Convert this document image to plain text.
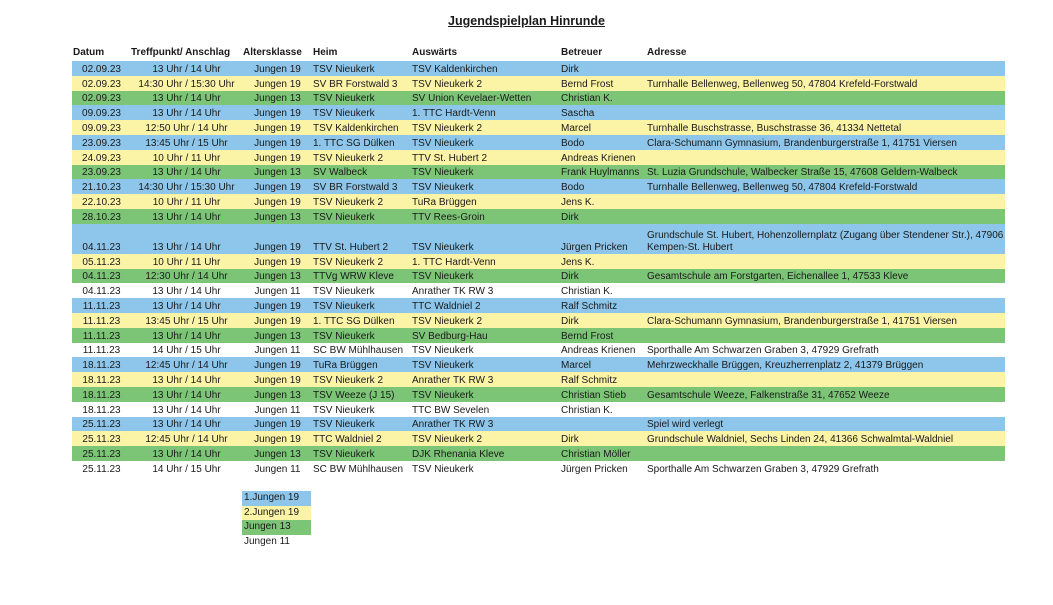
Jugendspielplan Hinrunde
Datum	Treffpunkt/ Anschlag	Altersklasse	Heim	Auswärts	Betreuer	Adresse
02.09.23	13 Uhr / 14 Uhr	Jungen 19	TSV Nieukerk	TSV Kaldenkirchen	Dirk	
02.09.23	14:30 Uhr / 15:30 Uhr	Jungen 19	SV BR Forstwald 3	TSV Nieukerk 2	Bernd Frost	Turnhalle Bellenweg, Bellenweg 50, 47804 Krefeld-Forstwald
02.09.23	13 Uhr / 14 Uhr	Jungen 13	TSV Nieukerk	SV Union Kevelaer-Wetten	Christian K.	
09.09.23	13 Uhr / 14 Uhr	Jungen 19	TSV Nieukerk	1. TTC Hardt-Venn	Sascha	
09.09.23	12:50 Uhr / 14 Uhr	Jungen 19	TSV Kaldenkirchen	TSV Nieukerk 2	Marcel	Turnhalle Buschstrasse, Buschstrasse 36, 41334 Nettetal
23.09.23	13:45 Uhr / 15 Uhr	Jungen 19	1. TTC SG Dülken	TSV Nieukerk	Bodo	Clara-Schumann Gymnasium, Brandenburgerstraße 1, 41751 Viersen
24.09.23	10 Uhr / 11 Uhr	Jungen 19	TSV Nieukerk 2	TTV St. Hubert 2	Andreas Krienen	
23.09.23	13 Uhr / 14 Uhr	Jungen 13	SV Walbeck	TSV Nieukerk	Frank Huylmanns	St. Luzia Grundschule, Walbecker Straße 15, 47608 Geldern-Walbeck
21.10.23	14:30 Uhr / 15:30 Uhr	Jungen 19	SV BR Forstwald 3	TSV Nieukerk	Bodo	Turnhalle Bellenweg, Bellenweg 50, 47804 Krefeld-Forstwald
22.10.23	10 Uhr / 11 Uhr	Jungen 19	TSV Nieukerk 2	TuRa Brüggen	Jens K.	
28.10.23	13 Uhr / 14 Uhr	Jungen 13	TSV Nieukerk	TTV Rees-Groin	Dirk	
04.11.23	13 Uhr / 14 Uhr	Jungen 19	TTV St. Hubert 2	TSV Nieukerk	Jürgen Pricken	Grundschule St. Hubert, Hohenzollernplatz (Zugang über Stendener Str.), 47906 Kempen-St. Hubert
05.11.23	10 Uhr / 11 Uhr	Jungen 19	TSV Nieukerk 2	1. TTC Hardt-Venn	Jens K.	
04.11.23	12:30 Uhr / 14 Uhr	Jungen 13	TTVg WRW Kleve	TSV Nieukerk	Dirk	Gesamtschule am Forstgarten, Eichenallee 1, 47533 Kleve
04.11.23	13 Uhr / 14 Uhr	Jungen 11	TSV Nieukerk	Anrather TK RW 3	Christian K.	
11.11.23	13 Uhr / 14 Uhr	Jungen 19	TSV Nieukerk	TTC Waldniel 2	Ralf Schmitz	
11.11.23	13:45 Uhr / 15 Uhr	Jungen 19	1. TTC SG Dülken	TSV Nieukerk 2	Dirk	Clara-Schumann Gymnasium, Brandenburgerstraße 1, 41751 Viersen
11.11.23	13 Uhr / 14 Uhr	Jungen 13	TSV Nieukerk	SV Bedburg-Hau	Bernd Frost	
11.11.23	14 Uhr / 15 Uhr	Jungen 11	SC BW Mühlhausen	TSV Nieukerk	Andreas Krienen	Sporthalle Am Schwarzen Graben 3, 47929 Grefrath
18.11.23	12:45 Uhr / 14 Uhr	Jungen 19	TuRa Brüggen	TSV Nieukerk	Marcel	Mehrzweckhalle Brüggen, Kreuzherrenplatz 2, 41379 Brüggen
18.11.23	13 Uhr / 14 Uhr	Jungen 19	TSV Nieukerk 2	Anrather TK RW 3	Ralf Schmitz	
18.11.23	13 Uhr / 14 Uhr	Jungen 13	TSV Weeze (J 15)	TSV Nieukerk	Christian Stieb	Gesamtschule Weeze, Falkenstraße 31, 47652 Weeze
18.11.23	13 Uhr / 14 Uhr	Jungen 11	TSV Nieukerk	TTC BW Sevelen	Christian K.	
25.11.23	13 Uhr / 14 Uhr	Jungen 19	TSV Nieukerk	Anrather TK RW 3		Spiel wird verlegt
25.11.23	12:45 Uhr / 14 Uhr	Jungen 19	TTC Waldniel 2	TSV Nieukerk 2	Dirk	Grundschule Waldniel, Sechs Linden 24, 41366 Schwalmtal-Waldniel
25.11.23	13 Uhr / 14 Uhr	Jungen 13	TSV Nieukerk	DJK Rhenania Kleve	Christian Möller	
25.11.23	14 Uhr / 15 Uhr	Jungen 11	SC BW Mühlhausen	TSV Nieukerk	Jürgen Pricken	Sporthalle Am Schwarzen Graben 3, 47929 Grefrath
1.Jungen 19
2.Jungen 19
Jungen 13
Jungen 11
